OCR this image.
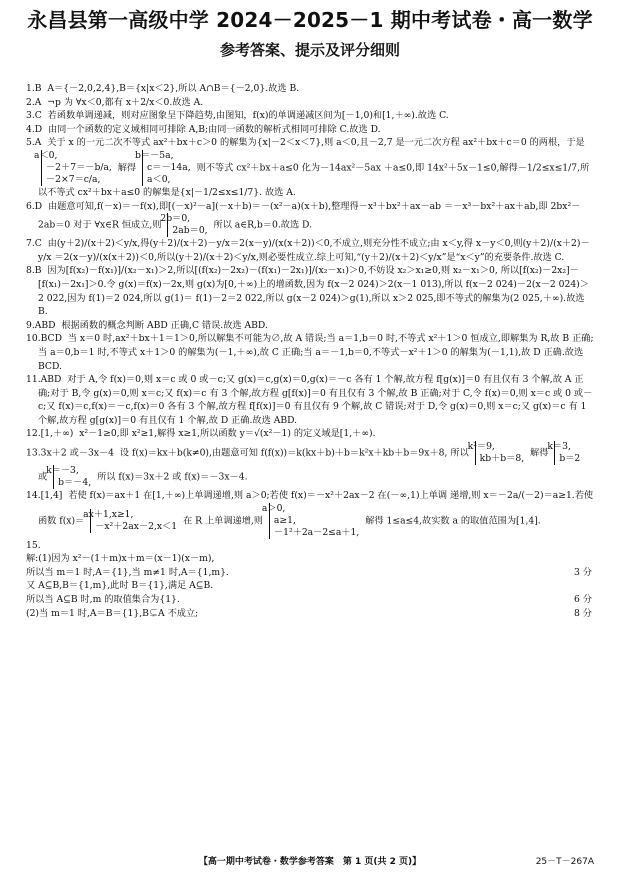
永昌县第一高级中学 2024－2025－1 期中考试卷・高一数学
参考答案、提示及评分细则

1.B A＝{－2,0,2,4},B＝{x|x＜2},所以 A∩B＝{－2,0}.故选 B.

2.A ¬p 为 ∀x＜0,都有 x＋2/x＜0.故选 A.

3.C 若函数单调递减，则对应图象呈下降趋势,由图知，f(x)的单调递减区间为[－1,0)和[1,＋∞).故选 C.

4.D 由同一个函数的定义域相同可排除 A,B;由同一函数的解析式相同可排除 C.故选 D.

5.A 关于 x 的一元二次不等式 ax²＋bx＋c＞0 的解集为{x|－2＜x＜7},则 a＜0,且－2,7 是一元二次方程 ax²＋bx＋c＝0 的两根，于是 a＜0,
－2＋7＝－b/a,
－2×7＝c/a, 解得 b＝－5a,
c＝－14a,
a＜0, 则不等式 cx²＋bx＋a≤0 化为－14ax²－5ax ＋a≤0,即 14x²＋5x－1≤0,解得－1/2≤x≤1/7,所以不等式 cx²＋bx＋a≤0 的解集是{x|－1/2≤x≤1/7}. 故选 A.

6.D 由题意可知,f(－x)＝－f(x),即[(－x)²－a](－x＋b)＝－(x²－a)(x＋b),整理得－x³＋bx²＋ax－ab ＝－x³－bx²＋ax＋ab,即 2bx²－2ab＝0 对于 ∀x∈R 恒成立,则 2b＝0,
2ab＝0, 所以 a∈R,b＝0.故选 D.

7.C 由(y＋2)/(x＋2)＜y/x,得(y＋2)/(x＋2)－y/x＝2(x－y)/(x(x＋2))＜0,不成立,则充分性不成立;由 x＜y,得 x－y＜0,则(y＋2)/(x＋2)－y/x ＝2(x－y)/(x(x＋2))＜0,所以(y＋2)/(x＋2)＜y/x,则必要性成立.综上可知,“(y＋2)/(x＋2)＜y/x”是“x＜y”的充要条件.故选 C.

8.B 因为[f(x₂)－f(x₁)]/(x₂－x₁)＞2,所以[(f(x₂)－2x₂)－(f(x₁)－2x₁)]/(x₂－x₁)＞0,不妨设 x₂＞x₁≥0,则 x₂－x₁＞0, 所以[f(x₂)－2x₂]－[f(x₁)－2x₁]＞0.令 g(x)＝f(x)－2x,则 g(x)为[0,＋∞)上的增函数,因为 f(x－2 024)＞2(x－1 013),所以 f(x－2 024)－2(x－2 024)＞2 022,因为 f(1)＝2 024,所以 g(1)＝ f(1)－2＝2 022,所以 g(x－2 024)＞g(1),所以 x＞2 025,即不等式的解集为(2 025,＋∞).故选 B.

9.ABD 根据函数的概念判断 ABD 正确,C 错误.故选 ABD.

10.BCD 当 x＝0 时,ax²＋bx＋1＝1＞0,所以解集不可能为∅,故 A 错误;当 a＝1,b＝0 时,不等式 x²＋1＞0 恒成立,即解集为 R,故 B 正确;当 a＝0,b＝1 时,不等式 x＋1＞0 的解集为(－1,＋∞),故 C 正确;当 a＝－1,b＝0,不等式－x²＋1＞0 的解集为(－1,1),故 D 正确.故选 BCD.

11.ABD 对于 A,令 f(x)＝0,则 x＝c 或 0 或－c;又 g(x)＝c,g(x)＝0,g(x)＝－c 各有 1 个解,故方程 f[g(x)]＝0 有且仅有 3 个解,故 A 正确;对于 B,令 g(x)＝0,则 x＝c;又 f(x)＝c 有 3 个解,故方程 g[f(x)]＝0 有且仅有 3 个解,故 B 正确;对于 C,令 f(x)＝0,则 x＝c 或 0 或－c;又 f(x)＝c,f(x)＝－c,f(x)＝0 各有 3 个解,故方程 f[f(x)]＝0 有且仅有 9 个解,故 C 错误;对于 D,令 g(x)＝0,则 x＝c;又 g(x)＝c 有 1 个解,故方程 g[g(x)]＝0 有且仅有 1 个解,故 D 正确.故选 ABD.

12.[1,＋∞) x²－1≥0,即 x²≥1,解得 x≥1,所以函数 y＝√(x²－1) 的定义域是[1,＋∞).

13.3x＋2 或－3x－4 设 f(x)＝kx＋b(k≠0),由题意可知 f(f(x))＝k(kx＋b)＋b＝k²x＋kb＋b＝9x＋8, 所以 k²＝9,
kb＋b＝8, 解得 k＝3,
b＝2 或 k＝－3,
b＝－4, 所以 f(x)＝3x＋2 或 f(x)＝－3x－4.

14.[1,4] 若使 f(x)＝ax＋1 在[1,＋∞)上单调递增,则 a＞0;若使 f(x)＝－x²＋2ax－2 在(－∞,1)上单调 递增,则 x＝－2a/(－2)＝a≥1.若使函数 f(x)＝ ax＋1,x≥1,
－x²＋2ax－2,x＜1 在 R 上单调递增,则 a＞0,
a≥1,
－1²＋2a－2≤a＋1, 解得 1≤a≤4,故实数 a 的取值范围为[1,4].

15.
解:(1)因为 x²－(1＋m)x＋m＝(x－1)(x－m),
所以当 m＝1 时,A＝{1},当 m≠1 时,A＝{1,m}.	3 分
又 A⊆B,B＝{1,m},此时 B＝{1},满足 A⊆B.
所以当 A⊆B 时,m 的取值集合为{1}.	6 分
(2)当 m＝1 时,A＝B＝{1},B⊊A 不成立;	8 分
【高一期中考试卷・数学参考答案　第 1 页(共 2 页)】	25－T－267A
